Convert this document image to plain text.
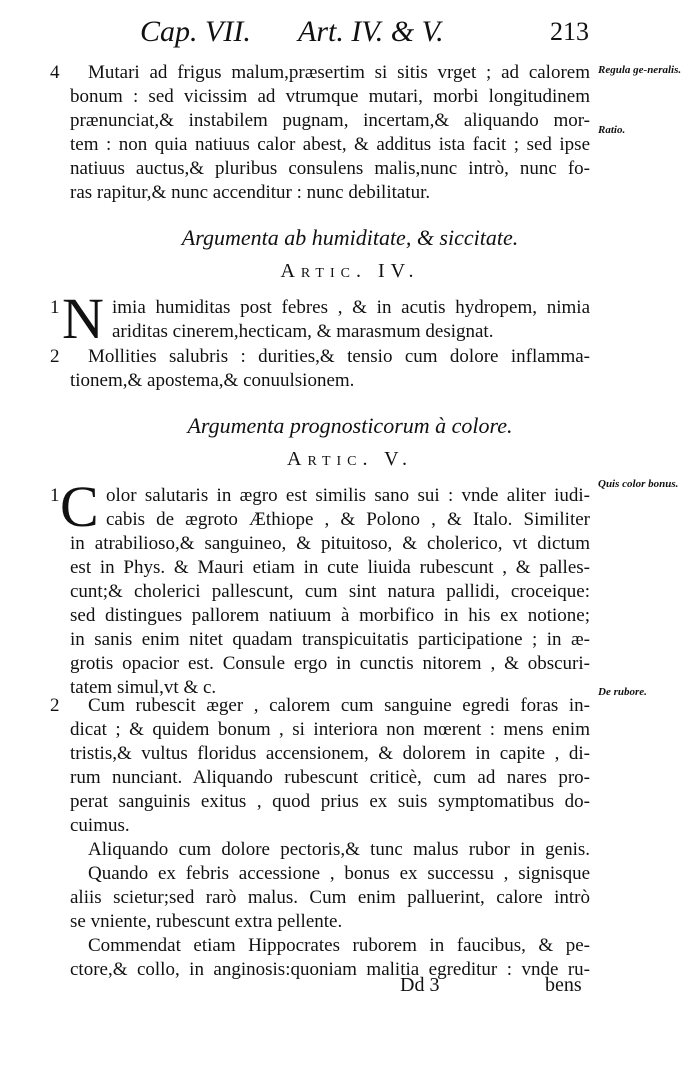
Cap. VII. Art. IV. & V.	213
Regula ge-neralis.
Ratio.
Quis color bonus.
De rubore.
4 Mutari ad frigus malum,præsertim si sitis vrget ; ad calorem
bonum : sed vicissim ad vtrumque mutari, morbi longitudinem
prænunciat,& instabilem pugnam, incertam,& aliquando mor-
tem : non quia natiuus calor abest, & additus ista facit ; sed ipse
natiuus auctus,& pluribus consulens malis,nunc intrò, nunc fo-
ras rapitur,& nunc accenditur : nunc debilitatur.
Argumenta ab humiditate, & siccitate.
Artic. IV.
1 N imia humiditas post febres , & in acutis hydropem, nimia
ariditas cinerem,hecticam, & marasmum designat.
2 Mollities salubris : durities,& tensio cum dolore inflamma-
tionem,& apostema,& conuulsionem.
Argumenta prognosticorum à colore.
Artic. V.
1 C olor salutaris in ægro est similis sano sui : vnde aliter iudi-
cabis de ægroto Æthiope , & Polono , & Italo. Similiter
in atrabilioso,& sanguineo, & pituitoso, & cholerico, vt dictum
est in Phys. & Mauri etiam in cute liuida rubescunt , & palles-
cunt;& cholerici pallescunt, cum sint natura pallidi, croceique:
sed distingues pallorem natiuum à morbifico in his ex notione;
in sanis enim nitet quadam transpicuitatis participatione ; in æ-
grotis opacior est. Consule ergo in cunctis nitorem , & obscuri-
tatem simul,vt & c.
2 Cum rubescit æger , calorem cum sanguine egredi foras in-
dicat ; & quidem bonum , si interiora non mœrent : mens enim
tristis,& vultus floridus accensionem, & dolorem in capite , di-
rum nunciant. Aliquando rubescunt criticè, cum ad nares pro-
perat sanguinis exitus , quod prius ex suis symptomatibus do-
cuimus.
Aliquando cum dolore pectoris,& tunc malus rubor in genis.
Quando ex febris accessione , bonus ex successu , signisque
aliis scietur;sed rarò malus. Cum enim palluerint, calore intrò
se vniente, rubescunt extra pellente.
Commendat etiam Hippocrates ruborem in faucibus, & pe-
ctore,& collo, in anginosis:quoniam malitia egreditur : vnde ru-
Dd 3	bens
